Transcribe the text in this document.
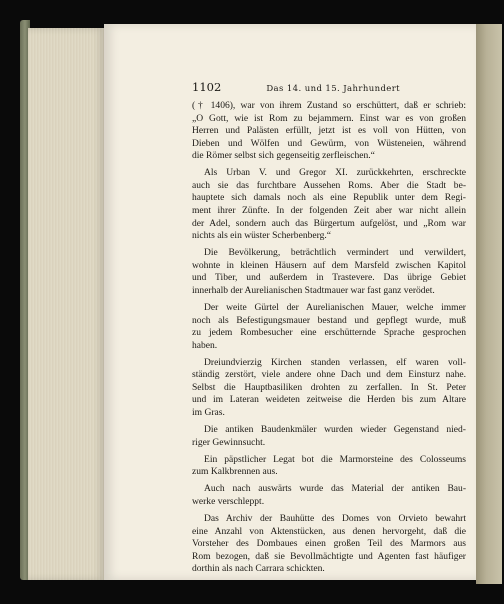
1102	Das 14. und 15. Jahrhundert
(† 1406), war von ihrem Zustand so erschüttert, daß er schrieb:
„O Gott, wie ist Rom zu bejammern. Einst war es von großen
Herren und Palästen erfüllt, jetzt ist es voll von Hütten, von
Dieben und Wölfen und Gewürm, von Wüsteneien, während
die Römer selbst sich gegenseitig zerfleischen.“
Als Urban V. und Gregor XI. zurückkehrten, erschreckte
auch sie das furchtbare Aussehen Roms. Aber die Stadt be-
hauptete sich damals noch als eine Republik unter dem Regi-
ment ihrer Zünfte. In der folgenden Zeit aber war nicht allein
der Adel, sondern auch das Bürgertum aufgelöst, und „Rom war
nichts als ein wüster Scherbenberg.“
Die Bevölkerung, beträchtlich vermindert und verwildert,
wohnte in kleinen Häusern auf dem Marsfeld zwischen Kapitol
und Tiber, und außerdem in Trastevere. Das übrige Gebiet
innerhalb der Aurelianischen Stadtmauer war fast ganz verödet.
Der weite Gürtel der Aurelianischen Mauer, welche immer
noch als Befestigungsmauer bestand und gepflegt wurde, muß
zu jedem Rombesucher eine erschütternde Sprache gesprochen
haben.
Dreiundvierzig Kirchen standen verlassen, elf waren voll-
ständig zerstört, viele andere ohne Dach und dem Einsturz nahe.
Selbst die Hauptbasiliken drohten zu zerfallen. In St. Peter
und im Lateran weideten zeitweise die Herden bis zum Altare
im Gras.
Die antiken Baudenkmäler wurden wieder Gegenstand nied-
riger Gewinnsucht.
Ein päpstlicher Legat bot die Marmorsteine des Colosseums
zum Kalkbrennen aus.
Auch nach auswärts wurde das Material der antiken Bau-
werke verschleppt.
Das Archiv der Bauhütte des Domes von Orvieto bewahrt
eine Anzahl von Aktenstücken, aus denen hervorgeht, daß die
Vorsteher des Dombaues einen großen Teil des Marmors aus
Rom bezogen, daß sie Bevollmächtigte und Agenten fast häufiger
dorthin als nach Carrara schickten.
